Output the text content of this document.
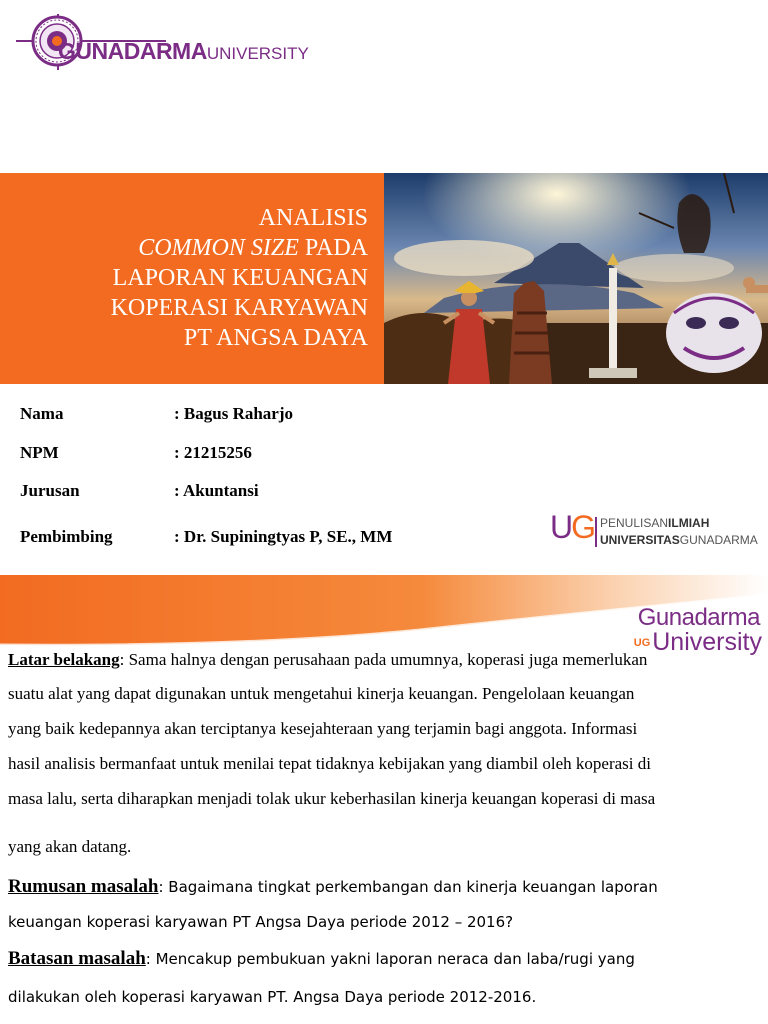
GUNADARMAUNIVERSITY
ANALISIS
COMMON SIZE PADA
LAPORAN KEUANGAN
KOPERASI KARYAWAN
PT ANGSA DAYA
Nama	: Bagus Raharjo
NPM	: 21215256
Jurusan	: Akuntansi
Pembimbing	: Dr. Supiningtyas P, SE., MM	UG PENULISANILMIAH
UNIVERSITASGUNADARMA
Gunadarma
UGUniversity
Latar belakang: Sama halnya dengan perusahaan pada umumnya, koperasi juga memerlukan
suatu alat yang dapat digunakan untuk mengetahui kinerja keuangan. Pengelolaan keuangan
yang baik kedepannya akan terciptanya kesejahteraan yang terjamin bagi anggota. Informasi
hasil analisis bermanfaat untuk menilai tepat tidaknya kebijakan yang diambil oleh koperasi di
masa lalu, serta diharapkan menjadi tolak ukur keberhasilan kinerja keuangan koperasi di masa
yang akan datang.
Rumusan masalah: Bagaimana tingkat perkembangan dan kinerja keuangan laporan
keuangan koperasi karyawan PT Angsa Daya periode 2012 – 2016?
Batasan masalah: Mencakup pembukuan yakni laporan neraca dan laba/rugi yang
dilakukan oleh koperasi karyawan PT. Angsa Daya periode 2012-2016.
